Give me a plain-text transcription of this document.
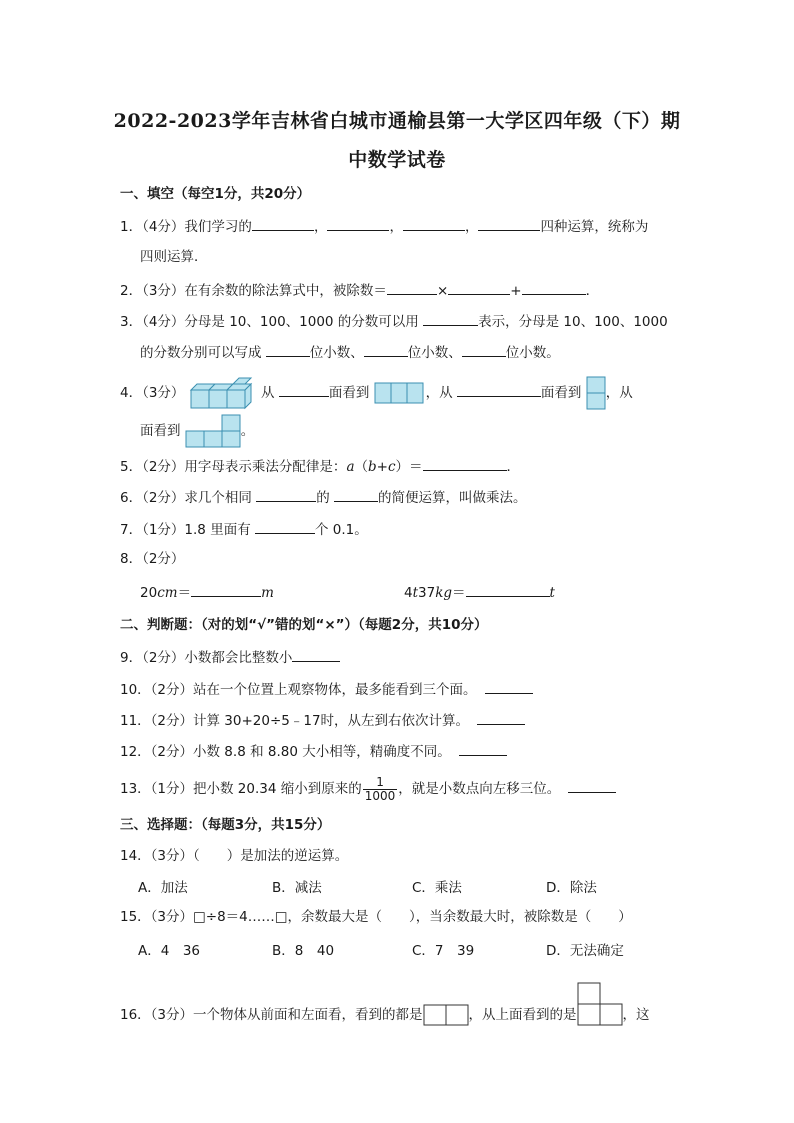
2022-2023学年吉林省白城市通榆县第一大学区四年级（下）期
中数学试卷
一、填空（每空1分，共20分）
1．（4分）我们学习的	，	，	，	四种运算，统称为
四则运算．
2．（3分）在有余数的除法算式中，被除数＝	×	+	．
3．（4分）分母是 10、100、1000 的分数可以用	表示，分母是 10、100、1000
的分数分别可以写成	位小数、	位小数、	位小数。
4．（3分）	从	面看到	，从	面看到 ，从
面看到	。
5．（2分）用字母表示乘法分配律是：a（b+c）＝	．
6．（2分）求几个相同	的	的简便运算，叫做乘法。
7．（1分）1.8 里面有	个 0.1。
8．（2分）
20cm＝	m	4t37kg＝	t
二、判断题：（对的划“√”错的划“×”）（每题2分，共10分）
9．（2分）小数都会比整数小
10．（2分）站在一个位置上观察物体，最多能看到三个面。
11．（2分）计算 30+20÷5﹣17时，从左到右依次计算。
12．（2分）小数 8.8 和 8.80 大小相等，精确度不同。
13．（1分）把小数 20.34 缩小到原来的 $\frac{1}{1000}$ ，就是小数点向左移三位。
三、选择题：（每题3分，共15分）
14．（3分）（　　）是加法的逆运算。
A．加法	B．减法	C．乘法	D．除法
15．（3分）□÷8＝4……□，余数最大是（　　），当余数最大时，被除数是（　　）
A．4　36	B．8　40	C．7　39	D．无法确定
16．（3分）一个物体从前面和左面看，看到的都是	，从上面看到的是	，这
